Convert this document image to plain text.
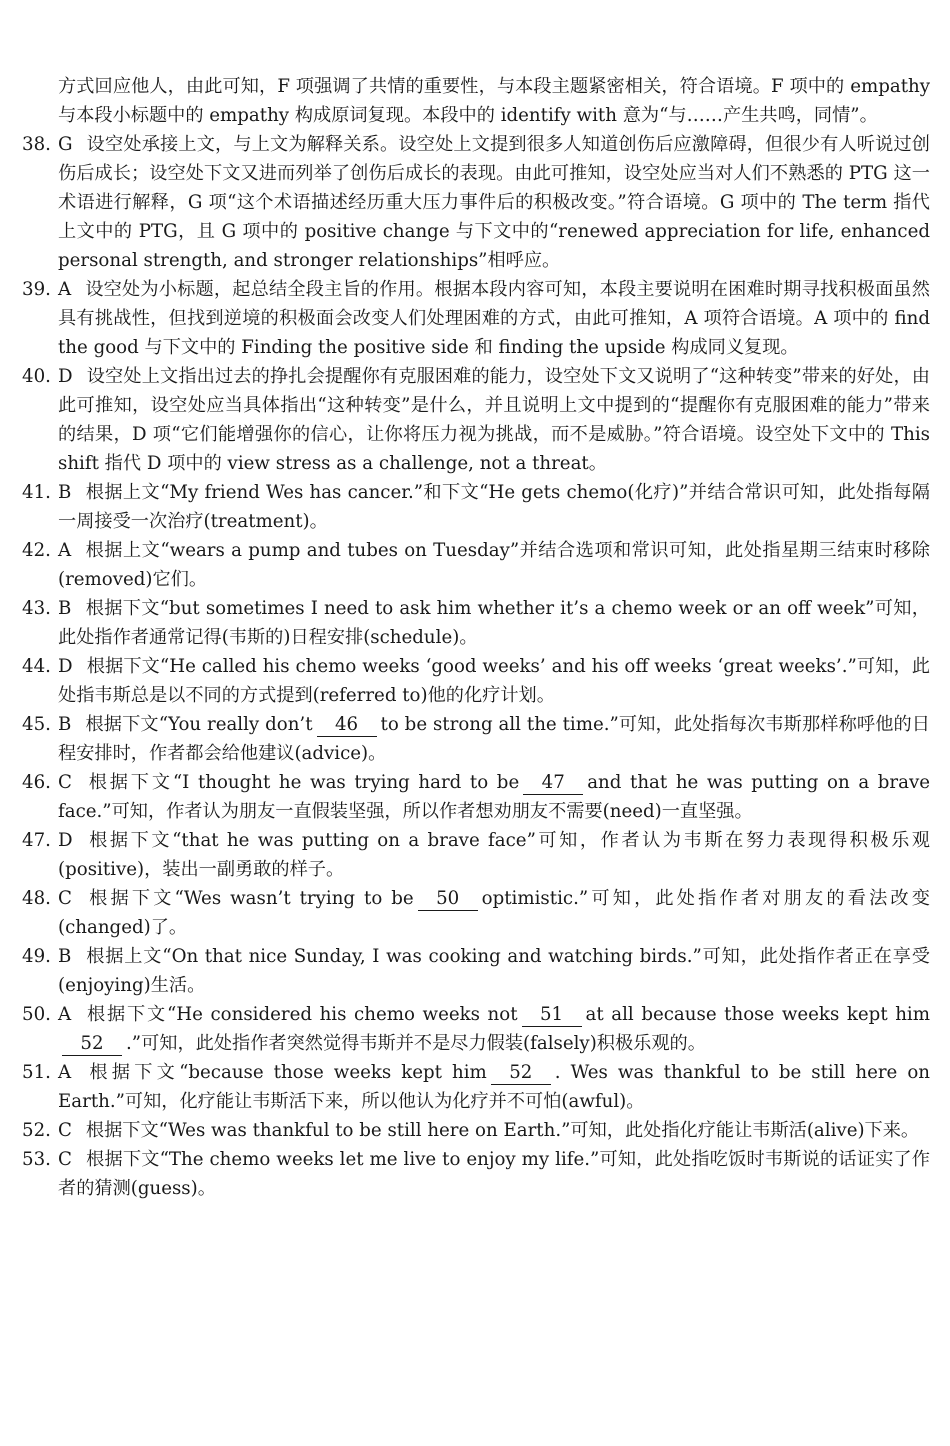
方式回应他人，由此可知，F 项强调了共情的重要性，与本段主题紧密相关，符合语境。F 项中的 empathy 与本段小标题中的 empathy 构成原词复现。本段中的 identify with 意为“与……产生共鸣，同情”。
38. G 设空处承接上文，与上文为解释关系。设空处上文提到很多人知道创伤后应激障碍，但很少有人听说过创伤后成长；设空处下文又进而列举了创伤后成长的表现。由此可推知，设空处应当对人们不熟悉的 PTG 这一术语进行解释，G 项“这个术语描述经历重大压力事件后的积极改变。”符合语境。G 项中的 The term 指代上文中的 PTG，且 G 项中的 positive change 与下文中的“renewed appreciation for life, enhanced personal strength, and stronger relationships”相呼应。
39. A 设空处为小标题，起总结全段主旨的作用。根据本段内容可知，本段主要说明在困难时期寻找积极面虽然具有挑战性，但找到逆境的积极面会改变人们处理困难的方式，由此可推知，A 项符合语境。A 项中的 find the good 与下文中的 Finding the positive side 和 finding the upside 构成同义复现。
40. D 设空处上文指出过去的挣扎会提醒你有克服困难的能力，设空处下文又说明了“这种转变”带来的好处，由此可推知，设空处应当具体指出“这种转变”是什么，并且说明上文中提到的“提醒你有克服困难的能力”带来的结果，D 项“它们能增强你的信心，让你将压力视为挑战，而不是威胁。”符合语境。设空处下文中的 This shift 指代 D 项中的 view stress as a challenge, not a threat。
41. B 根据上文“My friend Wes has cancer.”和下文“He gets chemo(化疗)”并结合常识可知，此处指每隔一周接受一次治疗(treatment)。
42. A 根据上文“wears a pump and tubes on Tuesday”并结合选项和常识可知，此处指星期三结束时移除(removed)它们。
43. B 根据下文“but sometimes I need to ask him whether it’s a chemo week or an off week”可知，此处指作者通常记得(韦斯的)日程安排(schedule)。
44. D 根据下文“He called his chemo weeks ‘good weeks’ and his off weeks ‘great weeks’.”可知，此处指韦斯总是以不同的方式提到(referred to)他的化疗计划。
45. B 根据下文“You really don’t 46 to be strong all the time.”可知，此处指每次韦斯那样称呼他的日程安排时，作者都会给他建议(advice)。
46. C 根据下文“I thought he was trying hard to be 47 and that he was putting on a brave face.”可知，作者认为朋友一直假装坚强，所以作者想劝朋友不需要(need)一直坚强。
47. D 根据下文“that he was putting on a brave face”可知，作者认为韦斯在努力表现得积极乐观(positive)，装出一副勇敢的样子。
48. C 根据下文“Wes wasn’t trying to be 50 optimistic.”可知，此处指作者对朋友的看法改变(changed)了。
49. B 根据上文“On that nice Sunday, I was cooking and watching birds.”可知，此处指作者正在享受(enjoying)生活。
50. A 根据下文“He considered his chemo weeks not 51 at all because those weeks kept him52 .”可知，此处指作者突然觉得韦斯并不是尽力假装(falsely)积极乐观的。
51. A 根据下文“because those weeks kept him 52 . Wes was thankful to be still here on Earth.”可知，化疗能让韦斯活下来，所以他认为化疗并不可怕(awful)。
52. C 根据下文“Wes was thankful to be still here on Earth.”可知，此处指化疗能让韦斯活(alive)下来。
53. C 根据下文“The chemo weeks let me live to enjoy my life.”可知，此处指吃饭时韦斯说的话证实了作者的猜测(guess)。
